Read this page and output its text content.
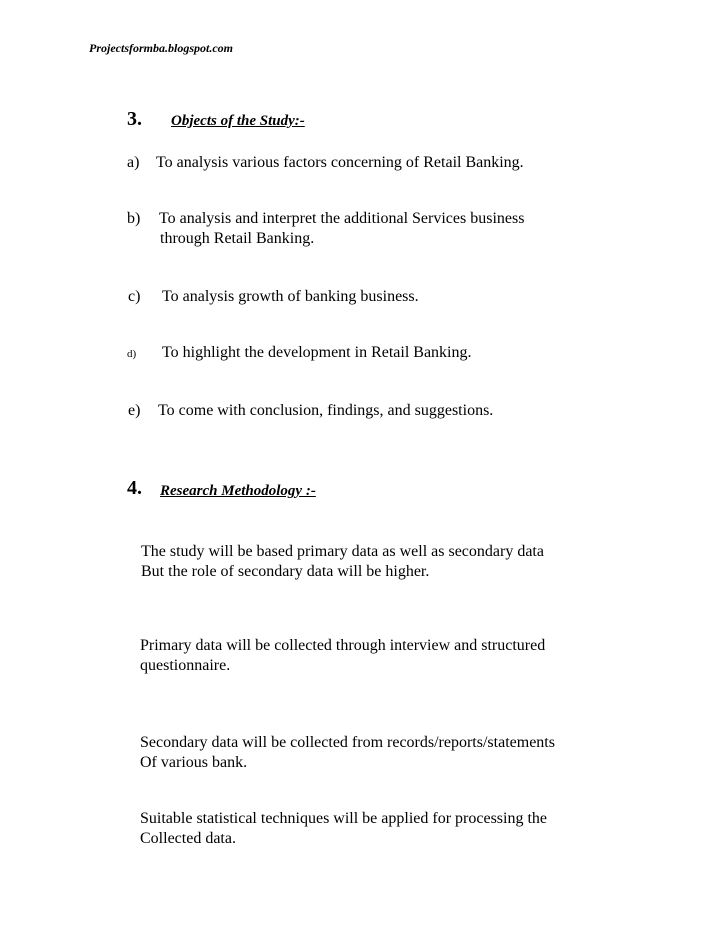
Projectsformba.blogspot.com
3. Objects of the Study:-
a) To analysis various factors concerning of Retail Banking.
b) To analysis and interpret the additional Services business
through Retail Banking.
c) To analysis growth of banking business.
d) To highlight the development in Retail Banking.
e) To come with conclusion, findings, and suggestions.
4. Research Methodology :-
The study will be based primary data as well as secondary data
But the role of secondary data will be higher.
Primary data will be collected through interview and structured
questionnaire.
Secondary data will be collected from records/reports/statements
Of various bank.
Suitable statistical techniques will be applied for processing the
Collected data.
